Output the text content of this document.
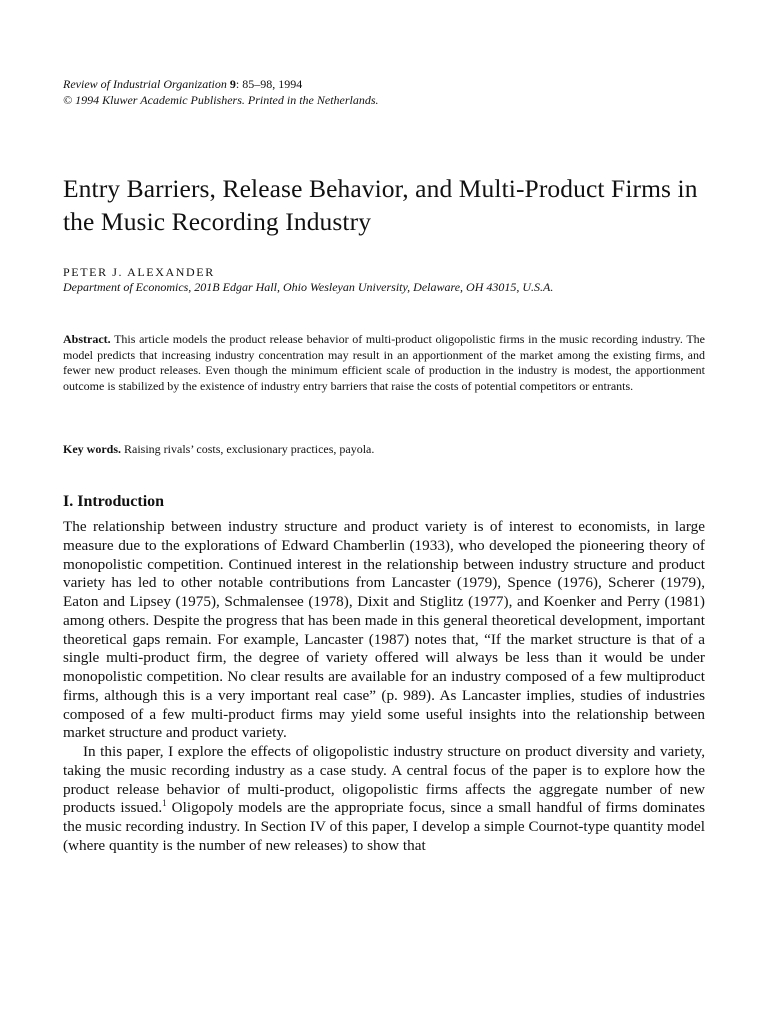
Review of Industrial Organization 9: 85–98, 1994
© 1994 Kluwer Academic Publishers. Printed in the Netherlands.
Entry Barriers, Release Behavior, and Multi-Product Firms in the Music Recording Industry
PETER J. ALEXANDER
Department of Economics, 201B Edgar Hall, Ohio Wesleyan University, Delaware, OH 43015, U.S.A.
Abstract. This article models the product release behavior of multi-product oligopolistic firms in the music recording industry. The model predicts that increasing industry concentration may result in an apportionment of the market among the existing firms, and fewer new product releases. Even though the minimum efficient scale of production in the industry is modest, the apportionment outcome is stabilized by the existence of industry entry barriers that raise the costs of potential competitors or entrants.
Key words. Raising rivals’ costs, exclusionary practices, payola.
I. Introduction

The relationship between industry structure and product variety is of interest to economists, in large measure due to the explorations of Edward Chamberlin (1933), who developed the pioneering theory of monopolistic competition. Continued interest in the relationship between industry structure and product variety has led to other notable contributions from Lancaster (1979), Spence (1976), Scherer (1979), Eaton and Lipsey (1975), Schmalensee (1978), Dixit and Stiglitz (1977), and Koenker and Perry (1981) among others. Despite the progress that has been made in this general theoretical development, important theoretical gaps remain. For example, Lancaster (1987) notes that, “If the market structure is that of a single multi-product firm, the degree of variety offered will always be less than it would be under monopolistic competition. No clear results are available for an industry composed of a few multiproduct firms, although this is a very important real case” (p. 989). As Lancaster implies, studies of industries composed of a few multi-product firms may yield some useful insights into the relationship between market structure and product variety.

In this paper, I explore the effects of oligopolistic industry structure on product diversity and variety, taking the music recording industry as a case study. A central focus of the paper is to explore how the product release behavior of multi-product, oligopolistic firms affects the aggregate number of new products issued.$^1$ Oligopoly models are the appropriate focus, since a small handful of firms dominates the music recording industry. In Section IV of this paper, I develop a simple Cournot-type quantity model (where quantity is the number of new releases) to show that
